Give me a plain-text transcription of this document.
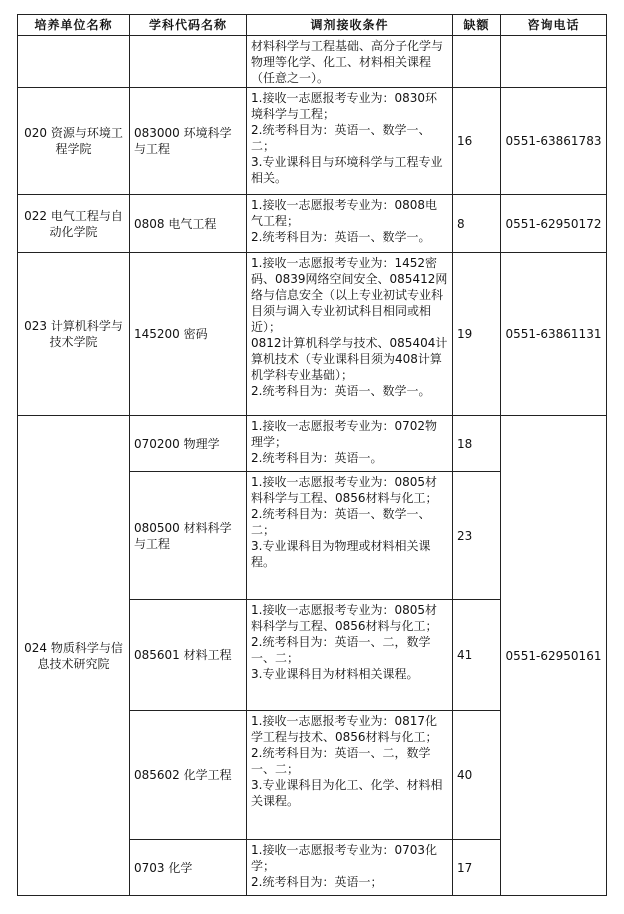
培养单位名称	学科代码名称	调剂接收条件	缺额	咨询电话

		材料科学与工程基础、高分子化学与物理等化学、化工、材料相关课程（任意之一）。		

020 资源与环境工程学院	083000 环境科学与工程	1.接收一志愿报考专业为：0830环境科学与工程；
2.统考科目为：英语一、数学一、二；
3.专业课科目与环境科学与工程专业相关。	16	0551-63861783
022 电气工程与自动化学院	0808 电气工程	1.接收一志愿报考专业为：0808电气工程；
2.统考科目为：英语一、数学一。	8	0551-62950172
023 计算机科学与技术学院	145200 密码	1.接收一志愿报考专业为：1452密码、0839网络空间安全、085412网络与信息安全（以上专业初试专业科目须与调入专业初试科目相同或相近）；
0812计算机科学与技术、085404计算机技术（专业课科目须为408计算机学科专业基础）；
2.统考科目为：英语一、数学一。	19	0551-63861131
024 物质科学与信息技术研究院	070200 物理学	1.接收一志愿报考专业为：0702物理学；
2.统考科目为：英语一。	18	0551-62950161
	080500 材料科学与工程	1.接收一志愿报考专业为：0805材料科学与工程、0856材料与化工；
2.统考科目为：英语一、数学一、二；
3.专业课科目为物理或材料相关课程。	23	
	085601 材料工程	1.接收一志愿报考专业为：0805材料科学与工程、0856材料与化工；
2.统考科目为：英语一、二，数学一、二；
3.专业课科目为材料相关课程。	41	
	085602 化学工程	1.接收一志愿报考专业为：0817化学工程与技术、0856材料与化工；
2.统考科目为：英语一、二，数学一、二；
3.专业课科目为化工、化学、材料相关课程。	40	
	0703 化学	1.接收一志愿报考专业为：0703化学；
2.统考科目为：英语一；	17	
